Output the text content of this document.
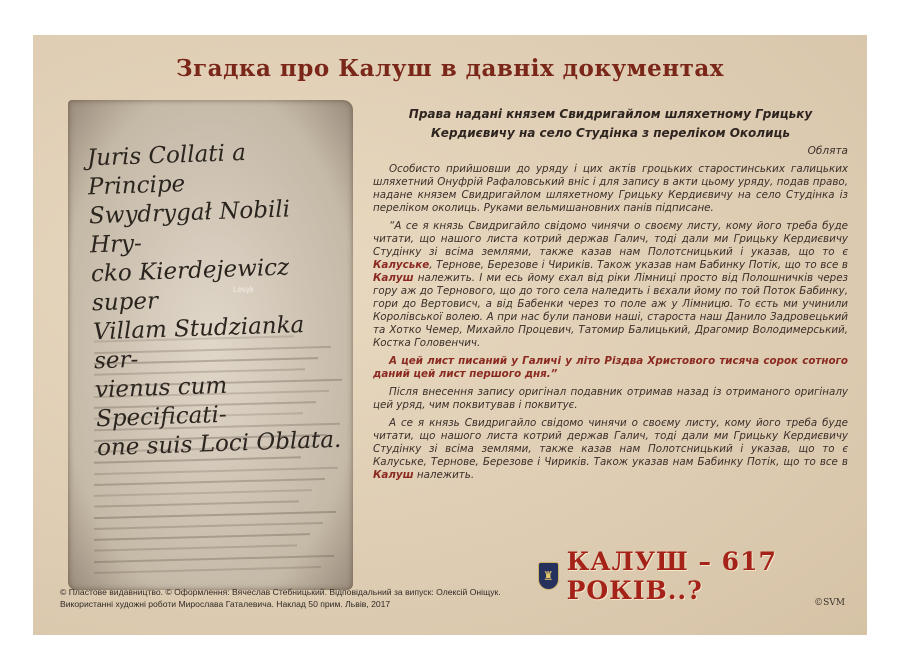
Згадка про Калуш в давніх документах
Juris Collati a Principe
Swydrygał Nobili Hry-
cko Kierdejewicz super
Villam Studzianka ser-
vienus cum Specificati-
one suis Loci Oblata.
Lesyk
Права надані князем Свидригайлом шляхетному Грицьку Кердиєвичу на село Студінка з переліком Околиць
Облята

Особисто прийшовши до уряду і цих актів гроцьких старостинських галицьких шляхетний Онуфрій Рафаловський вніс і для запису в акти цьому уряду, подав право, надане князем Свидригайлом шляхетному Грицьку Кердиєвичу на село Студінка із переліком околиць. Руками вельмишановних панів підписане.

“А се я князь Свидригайло свідомо чинячи о своєму листу, кому його треба буде читати, що нашого листа котрий держав Галич, тоді дали ми Грицьку Кердиєвичу Студінку зі всіма землями, также казав нам Полотсницький і указав, що то є Калуське, Тернове, Березове і Чириків. Також указав нам Бабинку Потік, що то все в Калуш належить. І ми есь йому єхал від ріки Лімниці просто від Полошничків через гору аж до Тернового, що до того села наледить і вєхали йому по той Поток Бабинку, гори до Вертовисч, а від Бабенки через то поле аж у Лімницю. То єсть ми учинили Королівської волею. А при нас були панови наші, староста наш Данило Задровецький та Хотко Чемер, Михайло Процевич, Татомир Балицький, Драгомир Володимерський, Костка Головенчич.

А цей лист писаний у Галичі у літо Різдва Христового тисяча сорок сотного даний цей лист першого дня.”

Після внесення запису оригінал подавник отримав назад із отриманого оригіналу цей уряд, чим поквитував і поквитує.

А се я князь Свидригайло свідомо чинячи о своєму листу, кому його треба буде читати, що нашого листа котрий держав Галич, тоді дали ми Грицьку Кердиєвичу Студінку зі всіма землями, также казав нам Полотсницький і указав, що то є Калуське, Тернове, Березове і Чириків. Також указав нам Бабинку Потік, що то все в Калуш належить.

♜ КАЛУШ – 617 РОКІВ..?
© Пластове видавництво. © Оформлення: Вячеслав Стебницький. Відповідальний за випуск: Олексій Оніщук.
Використанні художні роботи Мирослава Гаталевича. Наклад 50 прим. Львів, 2017	©SVM
